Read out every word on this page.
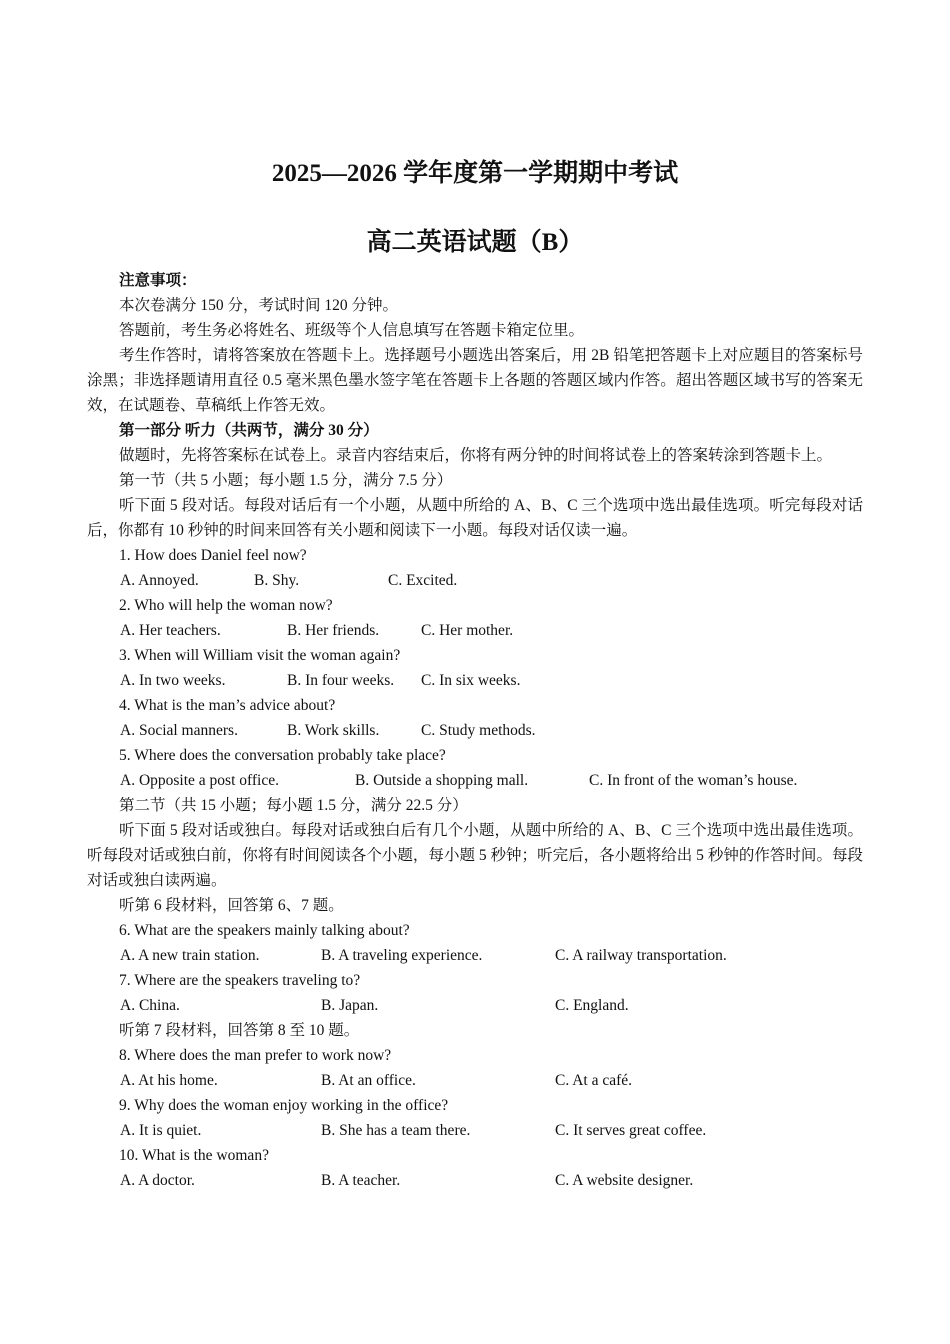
2025—2026 学年度第一学期期中考试
高二英语试题（B）

注意事项：

本次卷满分 150 分，考试时间 120 分钟。

答题前，考生务必将姓名、班级等个人信息填写在答题卡箱定位里。

考生作答时，请将答案放在答题卡上。选择题号小题选出答案后，用 2B 铅笔把答题卡上对应题目的答案标号涂黑；非选择题请用直径 0.5 毫米黑色墨水签字笔在答题卡上各题的答题区域内作答。超出答题区域书写的答案无效，在试题卷、草稿纸上作答无效。

第一部分 听力（共两节，满分 30 分）

做题时，先将答案标在试卷上。录音内容结束后，你将有两分钟的时间将试卷上的答案转涂到答题卡上。

第一节（共 5 小题；每小题 1.5 分，满分 7.5 分）

听下面 5 段对话。每段对话后有一个小题，从题中所给的 A、B、C 三个选项中选出最佳选项。听完每段对话后，你都有 10 秒钟的时间来回答有关小题和阅读下一小题。每段对话仅读一遍。

1. How does Daniel feel now?

A. Annoyed.	B. Shy.	C. Excited.

2. Who will help the woman now?

A. Her teachers.	B. Her friends.	C. Her mother.

3. When will William visit the woman again?

A. In two weeks.	B. In four weeks. C. In six weeks.

4. What is the man’s advice about?

A. Social manners.	B. Work skills.	C. Study methods.

5. Where does the conversation probably take place?

A. Opposite a post office.	B. Outside a shopping mall.	C. In front of the woman’s house.

第二节（共 15 小题；每小题 1.5 分，满分 22.5 分）

听下面 5 段对话或独白。每段对话或独白后有几个小题，从题中所给的 A、B、C 三个选项中选出最佳选项。听每段对话或独白前，你将有时间阅读各个小题，每小题 5 秒钟；听完后，各小题将给出 5 秒钟的作答时间。每段对话或独白读两遍。

听第 6 段材料，回答第 6、7 题。

6. What are the speakers mainly talking about?

A. A new train station.	B. A traveling experience.	C. A railway transportation.

7. Where are the speakers traveling to?

A. China.	B. Japan.	C. England.

听第 7 段材料，回答第 8 至 10 题。

8. Where does the man prefer to work now?

A. At his home.	B. At an office.	C. At a café.

9. Why does the woman enjoy working in the office?

A. It is quiet.	B. She has a team there.	C. It serves great coffee.

10. What is the woman?

A. A doctor.	B. A teacher.	C. A website designer.
